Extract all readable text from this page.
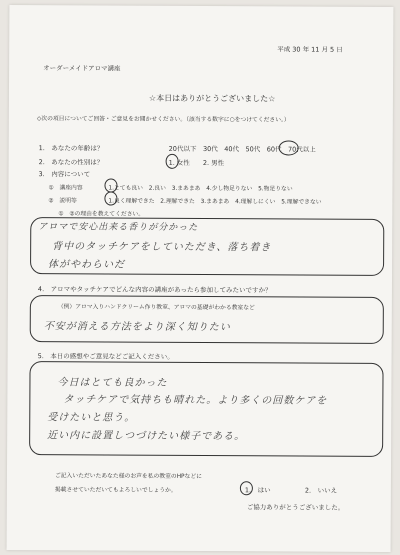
平成 30 年 11 月 5 日
オーダーメイドアロマ講座
☆本日はありがとうございました☆
◇次の項目についてご回答・ご意見をお聞かせください。（該当する数字に○をつけてください。）
1.　あなたの年齢は？	20代以下　30代　40代　50代　60代　70代以上
2.　あなたの性別は？	1. 女性　　2. 男性
3.　内容について
①　講座内容	1.とても良い　2.良い　3.まあまあ　4.少し物足りない　5.物足りない
②　説明等	1.良く理解できた　2.理解できた　3.まあまあ　4.理解しにくい　5.理解できない
①　②の理由を教えてください。
アロマで安心出来る香りが分かった
背中のタッチケアをしていただき、落ち着き
体がやわらいだ
4.　アロマやタッチケアでどんな内容の講座があったら参加してみたいですか？
（例）アロマ入りハンドクリーム作り教室、アロマの基礎がわかる教室など
不安が消える方法をより深く知りたい
5.　本日の感想やご意見などご記入ください。
今日はとても良かった
タッチケアで気持ちも晴れた。より多くの回数ケアを
受けたいと思う。
近い内に設置しつづけたい様子である。
ご記入いただいたあなた様のお声を私の教室のHPなどに
掲載させていただいてもよろしいでしょうか。	1.　はい	2.　いいえ
ご協力ありがとうございました。
